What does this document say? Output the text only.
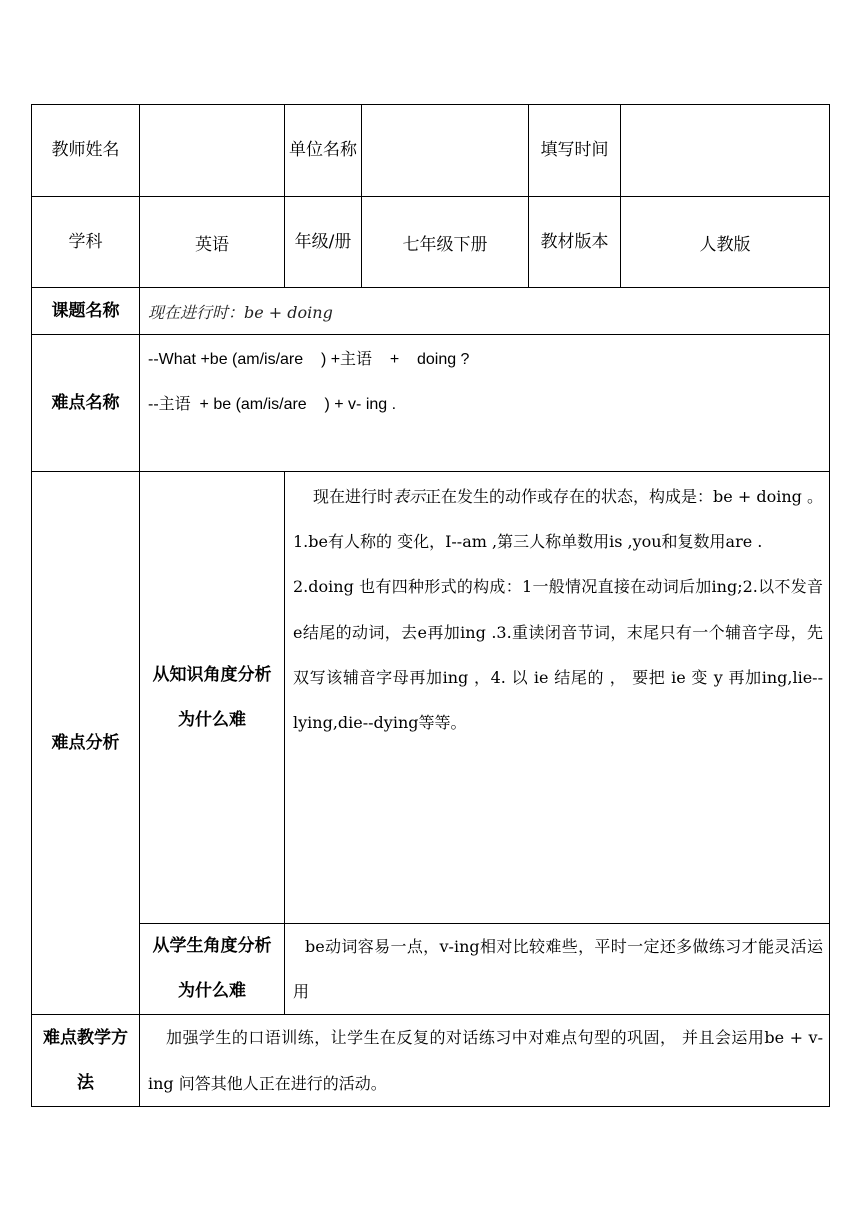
教师姓名		单位名称		填写时间	
学科	英语	年级/册	七年级下册	教材版本	人教版
课题名称	现在进行时：be + doing				
难点名称	--What +be (am/is/are    ) +主语    +    doing ?
--主语  + be (am/is/are    ) + v- ing .				

难点分析	从知识角度分析为什么难	现在进行时表示正在发生的动作或存在的状态，构成是：be + doing 。
1.be有人称的 变化，I--am ,第三人称单数用is ,you和复数用are .
2.doing 也有四种形式的构成：1一般情况直接在动词后加ing;2.以不发音e结尾的动词，去e再加ing .3.重读闭音节词，末尾只有一个辅音字母，先双写该辅音字母再加ing ，4. 以 ie 结尾的 ， 要把 ie 变 y 再加ing,lie--lying,die--dying等等。			

	从学生角度分析为什么难	be动词容易一点，v-ing相对比较难些，平时一定还多做练习才能灵活运用			

难点教学方法	加强学生的口语训练，让学生在反复的对话练习中对难点句型的巩固， 并且会运用be + v-ing 问答其他人正在进行的活动。				
